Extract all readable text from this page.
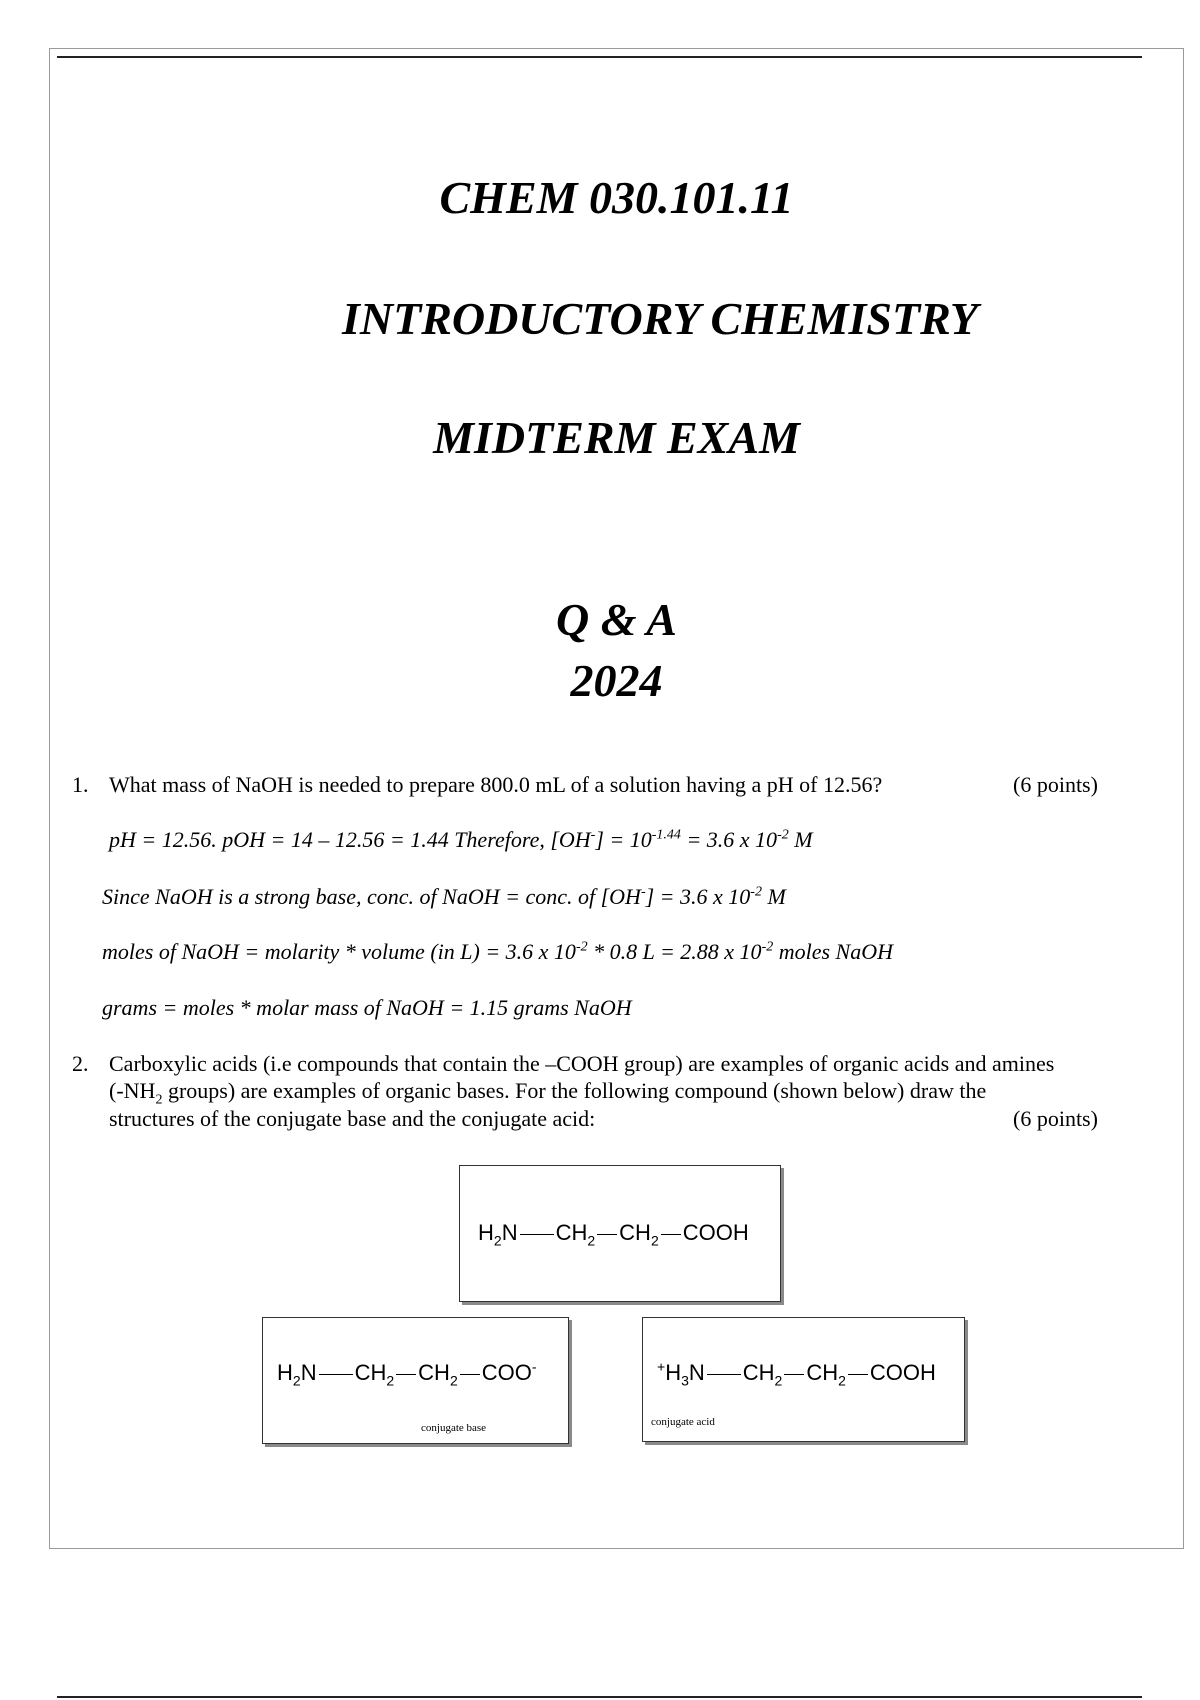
CHEM 030.101.11
INTRODUCTORY CHEMISTRY
MIDTERM EXAM
Q & A
2024
1. What mass of NaOH is needed to prepare 800.0 mL of a solution having a pH of 12.56?	(6 points)
pH = 12.56. pOH = 14 – 12.56 = 1.44 Therefore, $[OH^-] = 10^{-1.44} = 3.6$ x $10^{-2}$ M
Since NaOH is a strong base, conc. of NaOH = conc. of [OH-] = 3.6 x $10^{-2}$ M
moles of NaOH = molarity * volume (in L) = 3.6 x $10^{-2} * 0.8$ L = 2.88 x $10^{-2}$ moles NaOH
grams = moles * molar mass of NaOH = 1.15 grams NaOH
2. Carboxylic acids (i.e compounds that contain the –COOH group) are examples of organic acids and amines
($-NH_2$ groups) are examples of organic bases. For the following compound (shown below) draw the
structures of the conjugate base and the conjugate acid:	(6 points)
$H_2N$ $CH_2$ $CH_2$ COOH
$H_2N$ $CH_2$ $CH_2$ COO-
conjugate base
$^+H_3N$ $CH_2$ $CH_2$ COOH
conjugate acid
